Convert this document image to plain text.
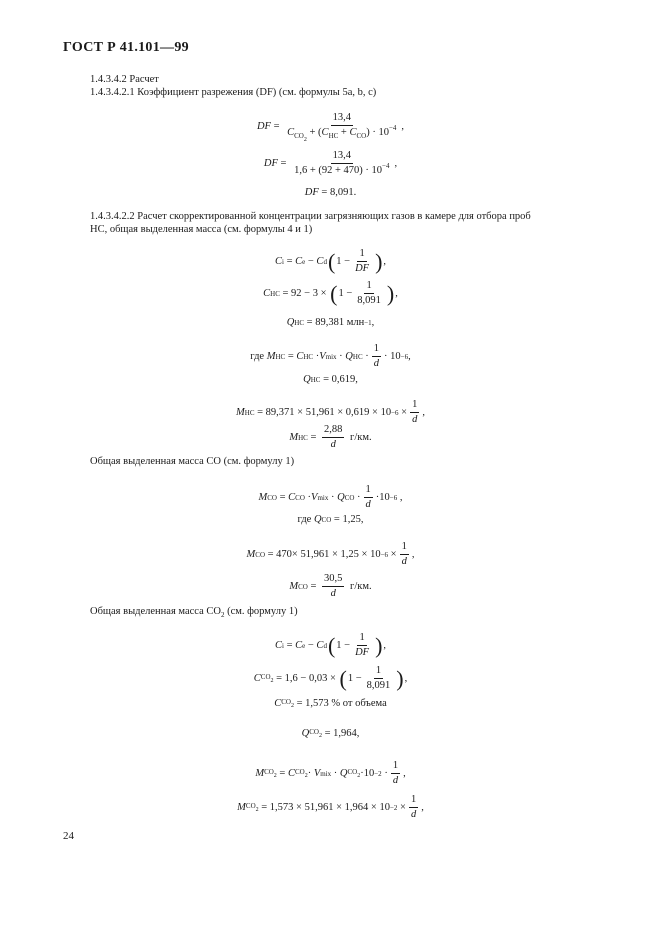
ГОСТ Р 41.101—99
1.4.3.4.2 Расчет
1.4.3.4.2.1 Коэффициент разрежения (DF) (см. формулы 5a, b, c)
DF = $\frac{13,4}{C_{CO_2} + (C_{HC} + C_{CO}) \cdot 10^{-4}}$ ,
DF = $\frac{13,4}{1,6 + (92 + 470) \cdot 10^{-4}}$ ,
DF
= 8,091.
1.4.3.4.2.2 Расчет скорректированной концентрации загрязняющих газов в камере для отбора проб
НС, общая выделенная масса (см. формулы 4 и 1)
C i = C e − C d ( $1 - \frac{1}{DF}$ ) ,
C HC
= 92 − 3 ×
( $1 - \frac{1}{8,091}$ ) ,
Q HC
= 89,381 млн −1 ,
где
M HC = C HC · V mix · Q HC · $\frac{1}{d} \cdot 10 -6$ ,
Q HC
= 0,619,
M HC
= $89,371 \times 51,961 \times 0,619 \times 10 -6 \times \frac{1}{d}$ ,
M HC = $\frac{2,88}{d}$
г/км.
Общая выделенная масса СО (см. формулу 1)
M CO = C CO · V mix · Q CO · $\frac{1}{d} \cdot 10 -6$ ,
где
Q CO
= 1,25,
M CO
= $470\times 51,961 \times 1,25 \times 10 -6 \times \frac{1}{d}$ ,
M CO = $\frac{30,5}{d}$
г/км.
Общая выделенная масса $СО_2$ (см. формулу 1)
C i = C e − C d ( $1 - \frac{1}{DF}$ ) ,
C $CO_2$
= 1,6 − 0,03 ×
( $1 - \frac{1}{8,091}$ ) ,
C $CO_2$
= 1,573 % от объема
Q $CO_2$
= 1,964,
M $CO_2 = C$ $CO_2 \cdot V$ mix · Q $CO_2 \cdot 10 -2 \cdot \frac{1}{d}$ ,
M $CO_2$
= $1,573 \times 51,961 \times 1,964 \times 10 -2 \times \frac{1}{d}$ ,
24
